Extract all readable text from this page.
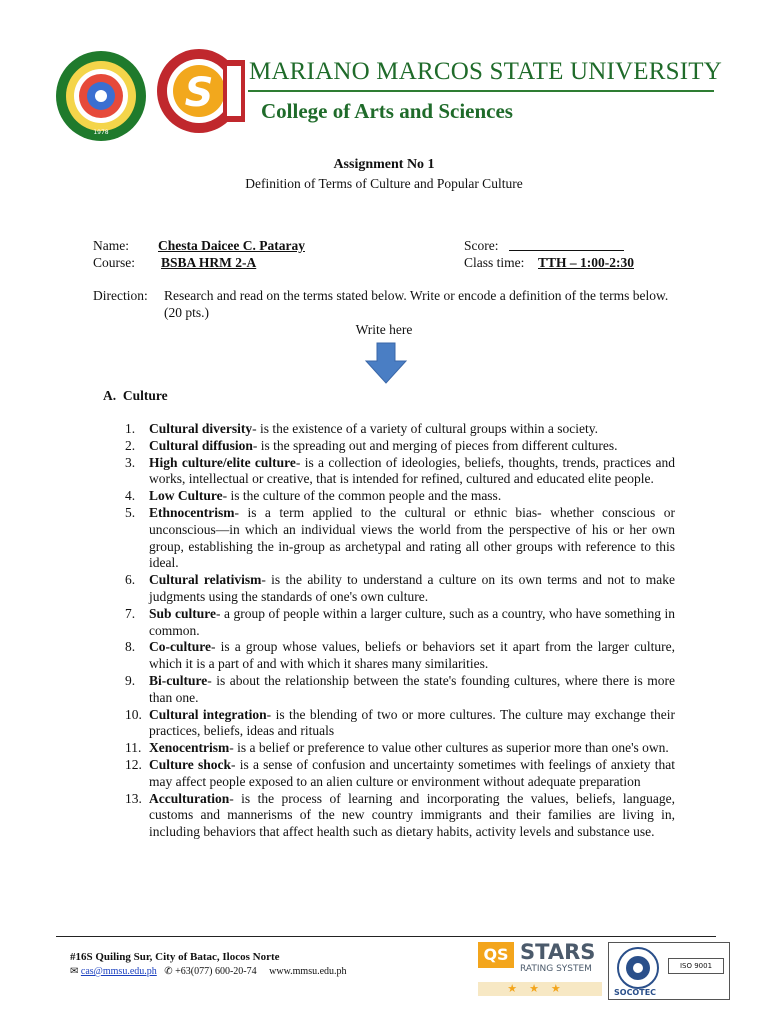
1978
S MARIANO MARCOS STATE UNIVERSITY
College of Arts and Sciences
Assignment No 1
Definition of Terms of Culture and Popular Culture
Name: Chesta Daicee C. Pataray
Course: BSBA HRM 2-A
Score:
Class time: TTH – 1:00-2:30
Direction:	Research and read on the terms stated below. Write or encode a definition of the terms below. (20 pts.)
Write here
A. Culture
1.	Cultural diversity- is the existence of a variety of cultural groups within a society.
2.	Cultural diffusion- is the spreading out and merging of pieces from different cultures.
3.	High culture/elite culture- is a collection of ideologies, beliefs, thoughts, trends, practices and works, intellectual or creative, that is intended for refined, cultured and educated elite people.
4.	Low Culture- is the culture of the common people and the mass.
5.	Ethnocentrism- is a term applied to the cultural or ethnic bias- whether conscious or unconscious—in which an individual views the world from the perspective of his or her own group, establishing the in-group as archetypal and rating all other groups with reference to this ideal.
6.	Cultural relativism- is the ability to understand a culture on its own terms and not to make judgments using the standards of one's own culture.
7.	Sub culture- a group of people within a larger culture, such as a country, who have something in common.
8.	Co-culture- is a group whose values, beliefs or behaviors set it apart from the larger culture, which it is a part of and with which it shares many similarities.
9.	Bi-culture- is about the relationship between the state's founding cultures, where there is more than one.
10. Cultural integration- is the blending of two or more cultures. The culture may exchange their practices, beliefs, ideas and rituals
11. Xenocentrism- is a belief or preference to value other cultures as superior more than one's own.
12. Culture shock- is a sense of confusion and uncertainty sometimes with feelings of anxiety that may affect people exposed to an alien culture or environment without adequate preparation
13. Acculturation- is the process of learning and incorporating the values, beliefs, language, customs and mannerisms of the new country immigrants and their families are living in, including behaviors that affect health such as dietary habits, activity levels and substance use.
#16S Quiling Sur, City of Batac, Ilocos Norte
✉ cas@mmsu.edu.ph ✆ +63(077) 600-20-74 www.mmsu.edu.ph
QS STARS
RATING SYSTEM
★★★
ISO 9001
SOCOTEC
